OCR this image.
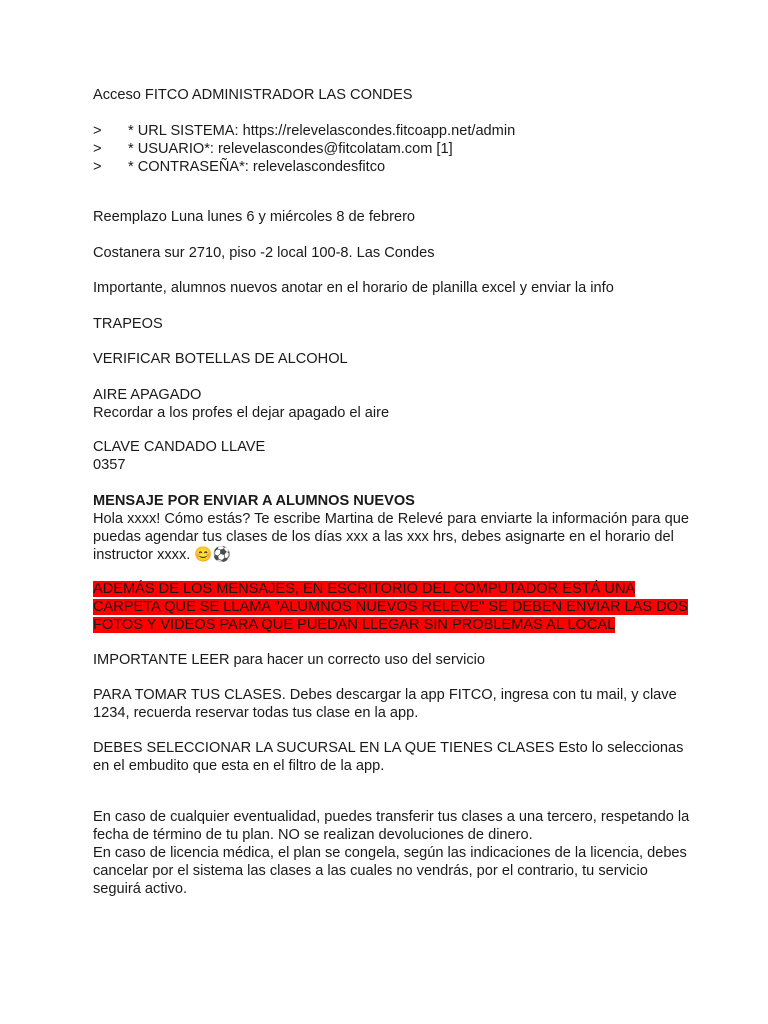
Acceso FITCO ADMINISTRADOR LAS CONDES
> * URL SISTEMA: https://relevelascondes.fitcoapp.net/admin
> * USUARIO*: relevelascondes@fitcolatam.com [1]
> * CONTRASEÑA*: relevelascondesfitco
Reemplazo Luna lunes 6 y miércoles 8 de febrero
Costanera sur 2710, piso -2 local 100-8. Las Condes
Importante, alumnos nuevos anotar en el horario de planilla excel y enviar la info
TRAPEOS
VERIFICAR BOTELLAS DE ALCOHOL
AIRE APAGADO
Recordar a los profes el dejar apagado el aire
CLAVE CANDADO LLAVE
0357
MENSAJE POR ENVIAR A ALUMNOS NUEVOS
Hola xxxx! Cómo estás? Te escribe Martina de Relevé para enviarte la información para que
puedas agendar tus clases de los días xxx a las xxx hrs, debes asignarte en el horario del
instructor xxxx. 😊⚽
ADEMÁS DE LOS MENSAJES, EN ESCRITORIO DEL COMPUTADOR ESTÁ UNA
CARPETA QUE SE LLAMA "ALUMNOS NUEVOS RELEVE" SE DEBEN ENVIAR LAS DOS
FOTOS Y VIDEOS PARA QUE PUEDAN LLEGAR SIN PROBLEMAS AL LOCAL
IMPORTANTE LEER para hacer un correcto uso del servicio
PARA TOMAR TUS CLASES. Debes descargar la app FITCO, ingresa con tu mail, y clave
1234, recuerda reservar todas tus clase en la app.
DEBES SELECCIONAR LA SUCURSAL EN LA QUE TIENES CLASES Esto lo seleccionas
en el embudito que esta en el filtro de la app.
En caso de cualquier eventualidad, puedes transferir tus clases a una tercero, respetando la
fecha de término de tu plan. NO se realizan devoluciones de dinero.
En caso de licencia médica, el plan se congela, según las indicaciones de la licencia, debes
cancelar por el sistema las clases a las cuales no vendrás, por el contrario, tu servicio
seguirá activo.
